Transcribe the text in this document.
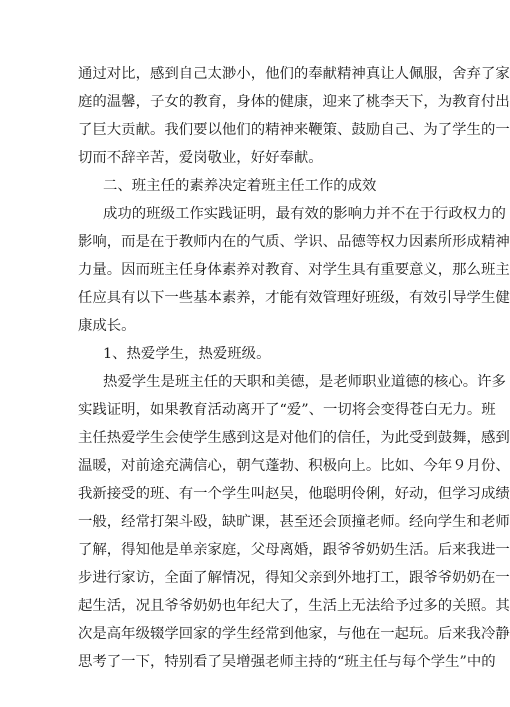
通过对比，感到自己太渺小，他们的奉献精神真让人佩服，舍弃了家
庭的温馨，子女的教育，身体的健康，迎来了桃李天下，为教育付出
了巨大贡献。我们要以他们的精神来鞭策、鼓励自己、为了学生的一
切而不辞辛苦，爱岗敬业，好好奉献。
二、班主任的素养决定着班主任工作的成效
成功的班级工作实践证明，最有效的影响力并不在于行政权力的
影响，而是在于教师内在的气质、学识、品德等权力因素所形成精神
力量。因而班主任身体素养对教育、对学生具有重要意义，那么班主
任应具有以下一些基本素养，才能有效管理好班级，有效引导学生健
康成长。
1、热爱学生，热爱班级。
热爱学生是班主任的天职和美德，是老师职业道德的核心。许多
实践证明，如果教育活动离开了“爱”、一切将会变得苍白无力。班
主任热爱学生会使学生感到这是对他们的信任，为此受到鼓舞，感到
温暖，对前途充满信心，朝气蓬勃、积极向上。比如、今年９月份、
我新接受的班、有一个学生叫赵吴，他聪明伶俐，好动，但学习成绩
一般，经常打架斗殴，缺旷课，甚至还会顶撞老师。经向学生和老师
了解，得知他是单亲家庭，父母离婚，跟爷爷奶奶生活。后来我进一
步进行家访，全面了解情况，得知父亲到外地打工，跟爷爷奶奶在一
起生活，况且爷爷奶奶也年纪大了，生活上无法给予过多的关照。其
次是高年级辍学回家的学生经常到他家，与他在一起玩。后来我冷静
思考了一下，特别看了吴增强老师主持的“班主任与每个学生”中的
